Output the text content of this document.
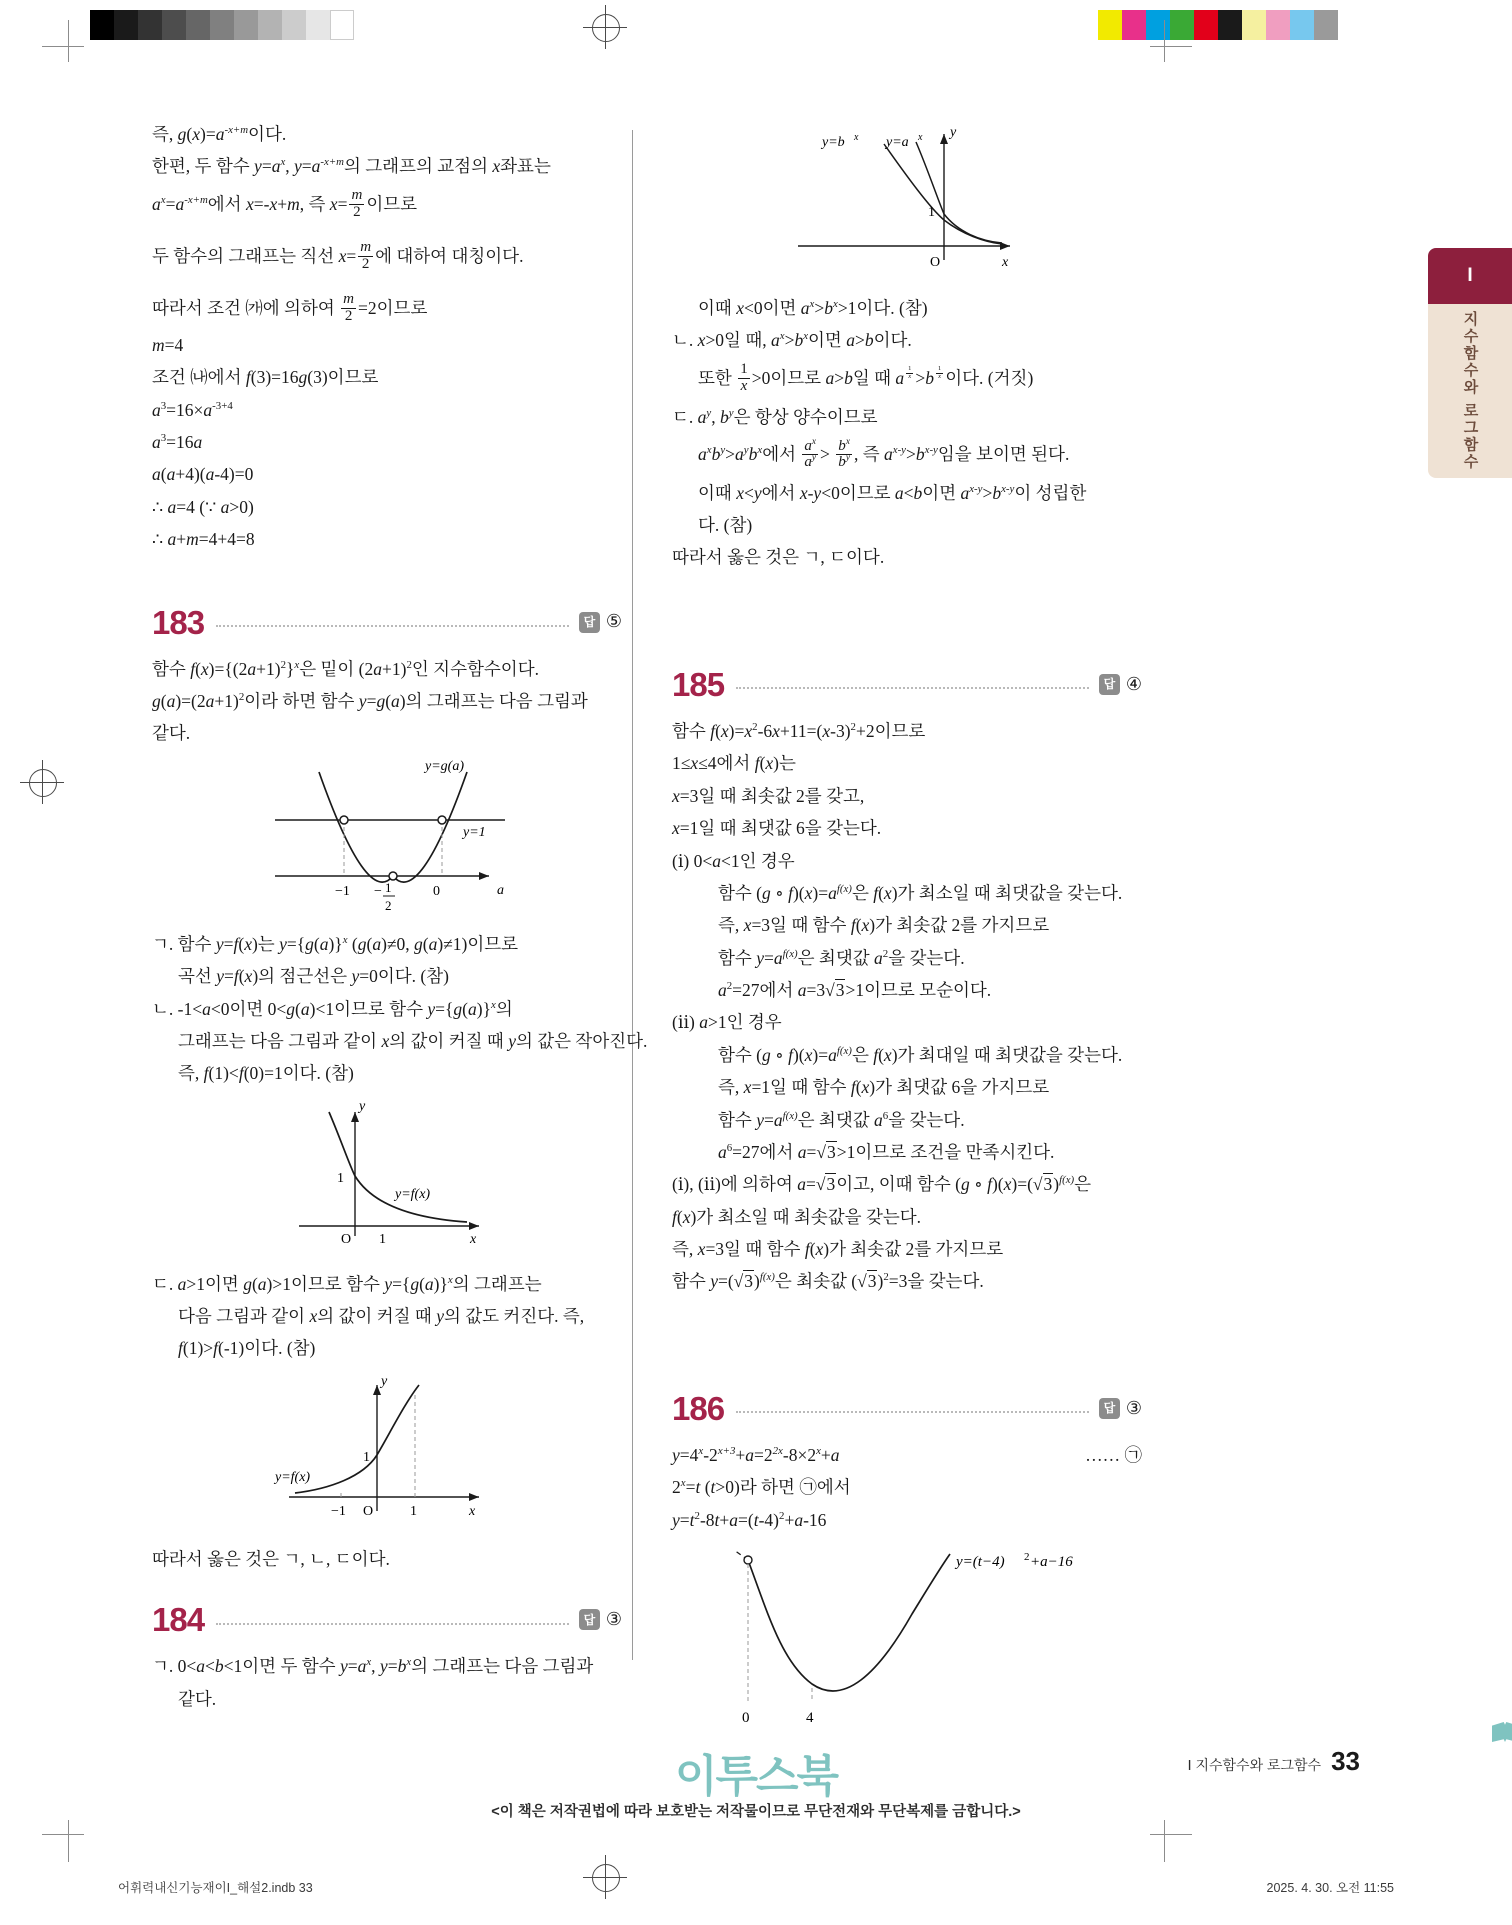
I
지수함수와 로그함수
즉, $g(x)=a^{-x+m}$이다.
한편, 두 함수 $y=a^x$, $y=a^{-x+m}$의 그래프의 교점의 x좌표는
$a^x=a^{-x+m}$에서 x=-x+m, 즉 $x= \frac{m}{2}$ 이므로
두 함수의 그래프는 직선 $x= \frac{m}{2}$ 에 대하여 대칭이다.
따라서 조건 ㈎에 의하여 $\frac{m}{2} =2$이므로
m=4
조건 ㈏에서 f(3)=16g(3)이므로
$a^3=16\times a^{-3+4}$
$a^3=16a$
a(a+4)(a-4)=0
∴ a=4 (∵ a>0)
∴ a+m=4+4=8
183	답 ⑤
함수 $f(x)=\{(2a+1)^2\}^x$은 밑이 $(2a+1)^2$인 지수함수이다.
$g(a)=(2a+1)^2$이라 하면 함수 y=g(a)의 그래프는 다음 그림과
같다.
y=g(a)
y=1
−1	0	a
− 1
2
ㄱ. 함수 y=f(x)는 $y=\{g(a)\}^x$ (g(a)≠0, g(a)≠1)이므로
곡선 y=f(x)의 점근선은 y=0이다. (참)
ㄴ. -1<a<0이면 0<g(a)<1이므로 함수 $y=\{g(a)\}^x$의
그래프는 다음 그림과 같이 x의 값이 커질 때 y의 값은 작아진다.
즉, f(1)<f(0)=1이다. (참)
1
y
O 1	x
y=f(x)
ㄷ. a>1이면 g(a)>1이므로 함수 $y=\{g(a)\}^x$의 그래프는
다음 그림과 같이 x의 값이 커질 때 y의 값도 커진다. 즉,
f(1)>f(-1)이다. (참)
1
y
−1 O	1	x
y=f(x)
따라서 옳은 것은 ㄱ, ㄴ, ㄷ이다.
184	답 ③
ㄱ. 0<a<b<1이면 두 함수 $y=a^x$, $y=b^x$의 그래프는 다음 그림과
같다.
y=b x y=a x y
1
O	x
이때 x<0이면 $a^x>b^x>1$이다. (참)
ㄴ. x>0일 때, $a^x>b^x$이면 a>b이다.
또한 $\frac{1}{x} >0$이므로 a>b일 때 a $^{\frac{1}{x}}$ >b $^{\frac{1}{x}}$ 이다. (거짓)
ㄷ. $a^y$, $b^y$은 항상 양수이므로
$a^xb^y>a^yb^x$에서 $\frac{a^x}{a^y} > \frac{b^x}{b^y}$ , 즉 $a^{x-y}>b^{x-y}$임을 보이면 된다.
이때 x<y에서 x-y<0이므로 a<b이면 $a^{x-y}>b^{x-y}$이 성립한
다. (참)
따라서 옳은 것은 ㄱ, ㄷ이다.
185	답 ④
함수 $f(x)=x^2-6x+11=(x-3)^2+2$이므로
1≤x≤4에서 f(x)는
x=3일 때 최솟값 2를 갖고,
x=1일 때 최댓값 6을 갖는다.
(ⅰ) 0<a<1인 경우
함수 (g ∘ $f)(x)=a^{f(x)}$은 f(x)가 최소일 때 최댓값을 갖는다.
즉, x=3일 때 함수 f(x)가 최솟값 2를 가지므로
함수 $y=a^{f(x)}$은 최댓값 $a^2$을 갖는다.
$a^2=27$에서 a=3√3>1이므로 모순이다.
(ⅱ) a>1인 경우
함수 (g ∘ $f)(x)=a^{f(x)}$은 f(x)가 최대일 때 최댓값을 갖는다.
즉, x=1일 때 함수 f(x)가 최댓값 6을 가지므로
함수 $y=a^{f(x)}$은 최댓값 $a^6$을 갖는다.
$a^6=27$에서 a=√3>1이므로 조건을 만족시킨다.
(ⅰ), (ⅱ)에 의하여 a=√3이고, 이때 함수 (g ∘ $f)(x)=(√3)^{f(x)}$은
f(x)가 최소일 때 최솟값을 갖는다.
즉, x=3일 때 함수 f(x)가 최솟값 2를 가지므로
함수 $y=(√3)^{f(x)}$은 최솟값 $(√3)^2=3$을 갖는다.
186	답 ③
$y=4^x-2^{x+3}+a=2^{2x}-8\times 2^x+a$	…… ㉠
$2^x=t$ (t>0)라 하면 ㉠에서
$y=t^2-8t+a=(t-4)^2+a-16$
0	4
y=(t−4) 2 +a−16
이투스북	Ⅰ 지수함수와 로그함수 33
<이 책은 저작권법에 따라 보호받는 저작물이므로 무단전재와 무단복제를 금합니다.>
어휘력내신기능재이I_해설2.indb 33	2025. 4. 30. 오전 11:55
